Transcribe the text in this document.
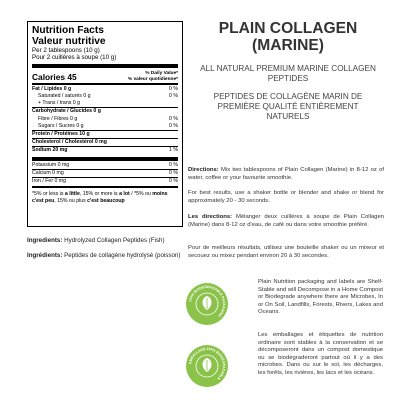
Nutrition Facts
Valeur nutritive
Per 2 tablespoons (10 g)
Pour 2 cuillères à soupe (10 g)
Calories 45	% Daily Value*
% valeur quotidienne*
Fat / Lipides 0 g	0 %
Saturated / saturés 0 g	0 %
+ Trans / trans 0 g
Carbohydrate / Glucides 0 g
Fibre / Fibres 0 g	0 %
Sugars / Sucres 0 g	0 %
Protein / Protéines 10 g
Cholesterol / Cholestérol 0 mg
Sodium 20 mg	1 %
Potassium 0 mg	0 %
Calcium 0 mg	0 %
Iron / Fer 0 mg	0 %
*5% or less is a little, 15% or more is a lot / *5% ou moins c'est peu, 15% ou plus c'est beaucoup
Ingredients: Hydrolyzed Collagen Peptides (Fish)
Ingrédients: Peptides de collagène hydrolysé (poisson)
PLAIN COLLAGEN
(MARINE)
ALL NATURAL PREMIUM MARINE COLLAGEN PEPTIDES
PEPTIDES DE COLLAGÈNE MARIN DE PREMIÈRE QUALITÉ ENTIÈREMENT NATURELS
Directions: Mix two tablespoons of Plain Collagen (Marine) in 8-12 oz of water, coffee or your favourite smoothie.
For best results, use a shaker bottle or blender and shake or blend for approximately 20 - 30 seconds.
Les directions: Mélanger deux cuillères à soupe de Plain Collagen (Marine) dans 8-12 oz d'eau, de café ou dans votre smoothie préféré.
Pour de meilleurs résultats, utilisez une bouteille shaker ou un mixeur et secouez ou mixez pendant environ 20 à 30 secondes.
100% BIODEGRADABLE PACKAGING
EMBALLAGE 100% BIODÉGRADABLE
Plain Nutrition packaging and labels are Shelf-Stable and will Decompose in a Home Compost or Biodegrade anywhere there are Microbes, In or On Soil, Landfills, Forests, Rivers, Lakes and Oceans.
Les emballages et étiquettes de nutrition ordinaire sont stables à la conservation et se décomposeront dans un compost domestique ou se biodégraderont partout où il y a des microbes. Dans ou sur le sol, les décharges, les forêts, les rivières, les lacs et les océans.
